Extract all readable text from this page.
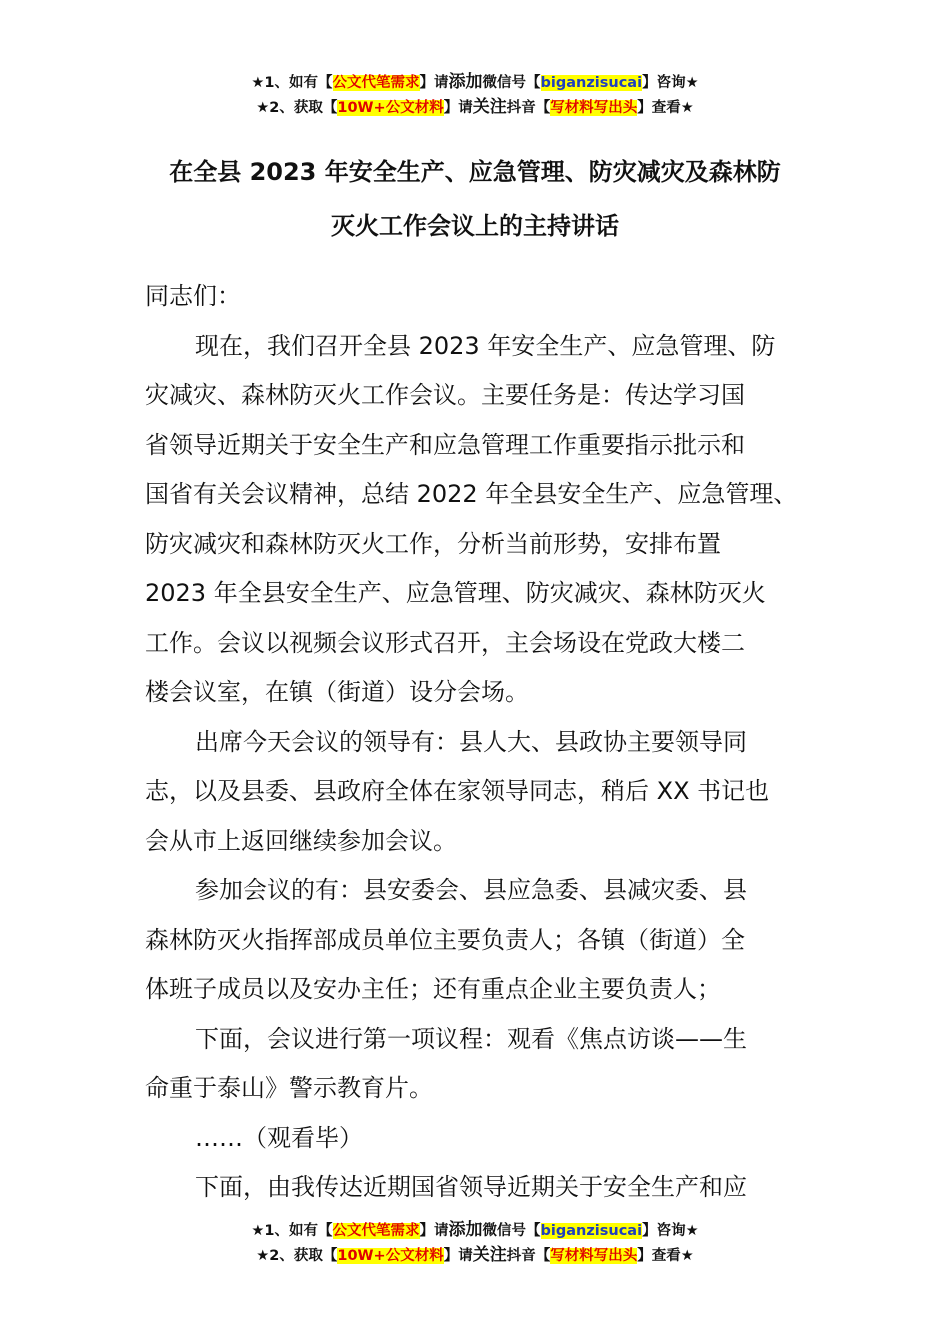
★1、如有【公文代笔需求】请添加微信号【biganzisucai】咨询★
★2、获取【10W+公文材料】请关注抖音【写材料写出头】查看★
在全县 2023 年安全生产、应急管理、防灾减灾及森林防
灭火工作会议上的主持讲话
同志们：
现在，我们召开全县 2023 年安全生产、应急管理、防
灾减灾、森林防灭火工作会议。主要任务是：传达学习国
省领导近期关于安全生产和应急管理工作重要指示批示和
国省有关会议精神，总结 2022 年全县安全生产、应急管理、
防灾减灾和森林防灭火工作，分析当前形势，安排布置
2023 年全县安全生产、应急管理、防灾减灾、森林防灭火
工作。会议以视频会议形式召开，主会场设在党政大楼二
楼会议室，在镇（街道）设分会场。
出席今天会议的领导有：县人大、县政协主要领导同
志，以及县委、县政府全体在家领导同志，稍后 XX 书记也
会从市上返回继续参加会议。
参加会议的有：县安委会、县应急委、县减灾委、县
森林防灭火指挥部成员单位主要负责人；各镇（街道）全
体班子成员以及安办主任；还有重点企业主要负责人；
下面，会议进行第一项议程：观看《焦点访谈——生
命重于泰山》警示教育片。
……（观看毕）
下面，由我传达近期国省领导近期关于安全生产和应
★1、如有【公文代笔需求】请添加微信号【biganzisucai】咨询★
★2、获取【10W+公文材料】请关注抖音【写材料写出头】查看★
